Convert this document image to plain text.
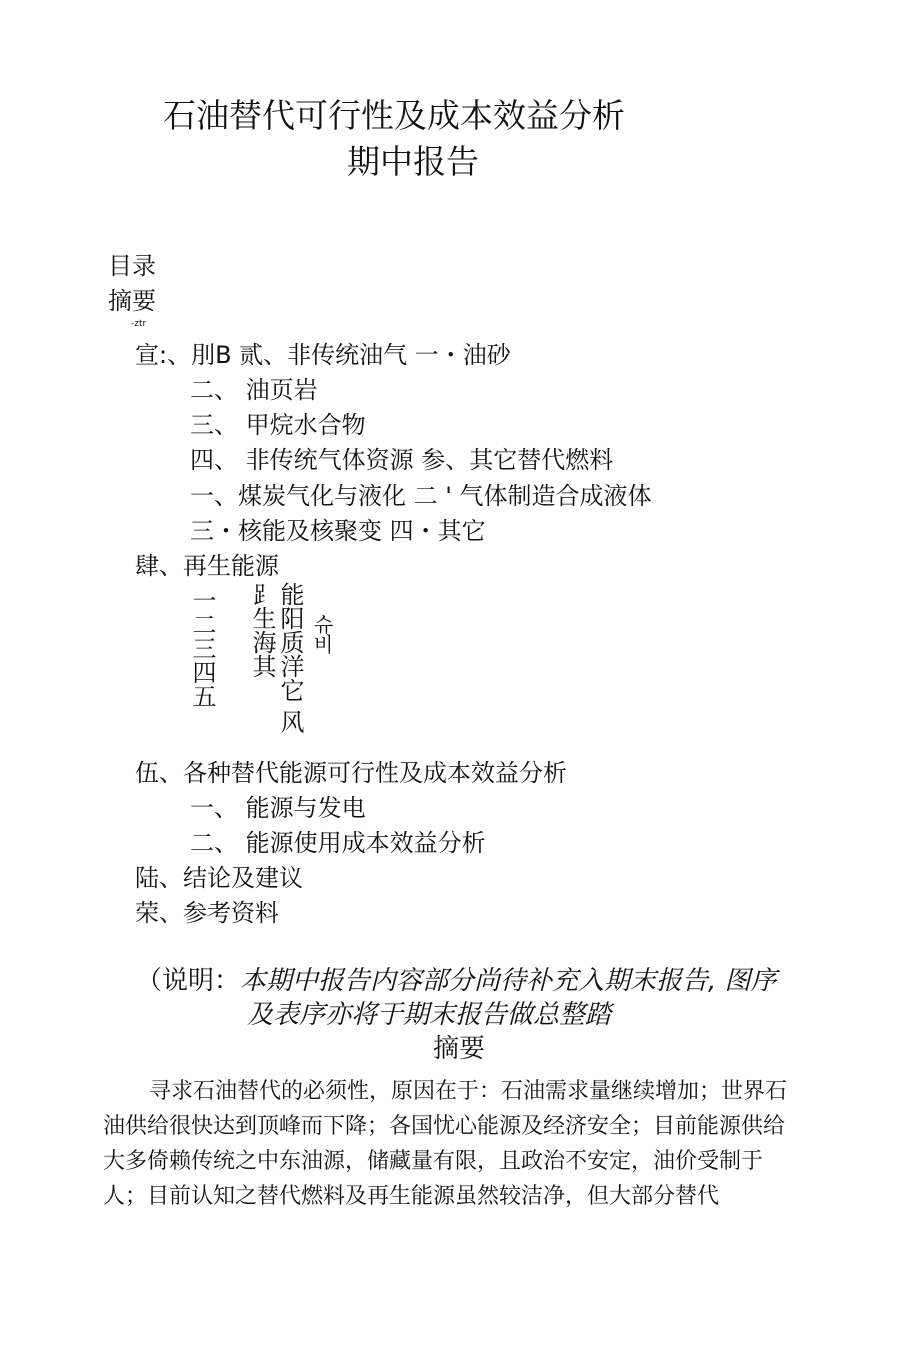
石油替代可行性及成本效益分析
期中报告
目录
摘要
-ztr
宣:、刖B 贰、非传统油气 一・油砂
二、 油页岩
三、 甲烷水合物
四、 非传统气体资源 参、其它替代燃料
一、煤炭气化与液化 二 ' 气体制造合成液体
三・核能及核聚变 四・其它
肆、再生能源
一二三四五 ⻊生海其 能阳质洋它 风 슈비
伍、各种替代能源可行性及成本效益分析
一、 能源与发电
二、 能源使用成本效益分析
陆、结论及建议
荣、参考资料
（说明：本期中报告内容部分尚待补充入期末报告, 图序
及表序亦将于期末报告做总整踏
摘要
寻求石油替代的必须性，原因在于：石油需求量继续增加；世界石油供给很快达到顶峰而下降；各国忧心能源及经济安全；目前能源供给大多倚赖传统之中东油源，储藏量有限，且政治不安定，油价受制于人；目前认知之替代燃料及再生能源虽然较洁净，但大部分替代
